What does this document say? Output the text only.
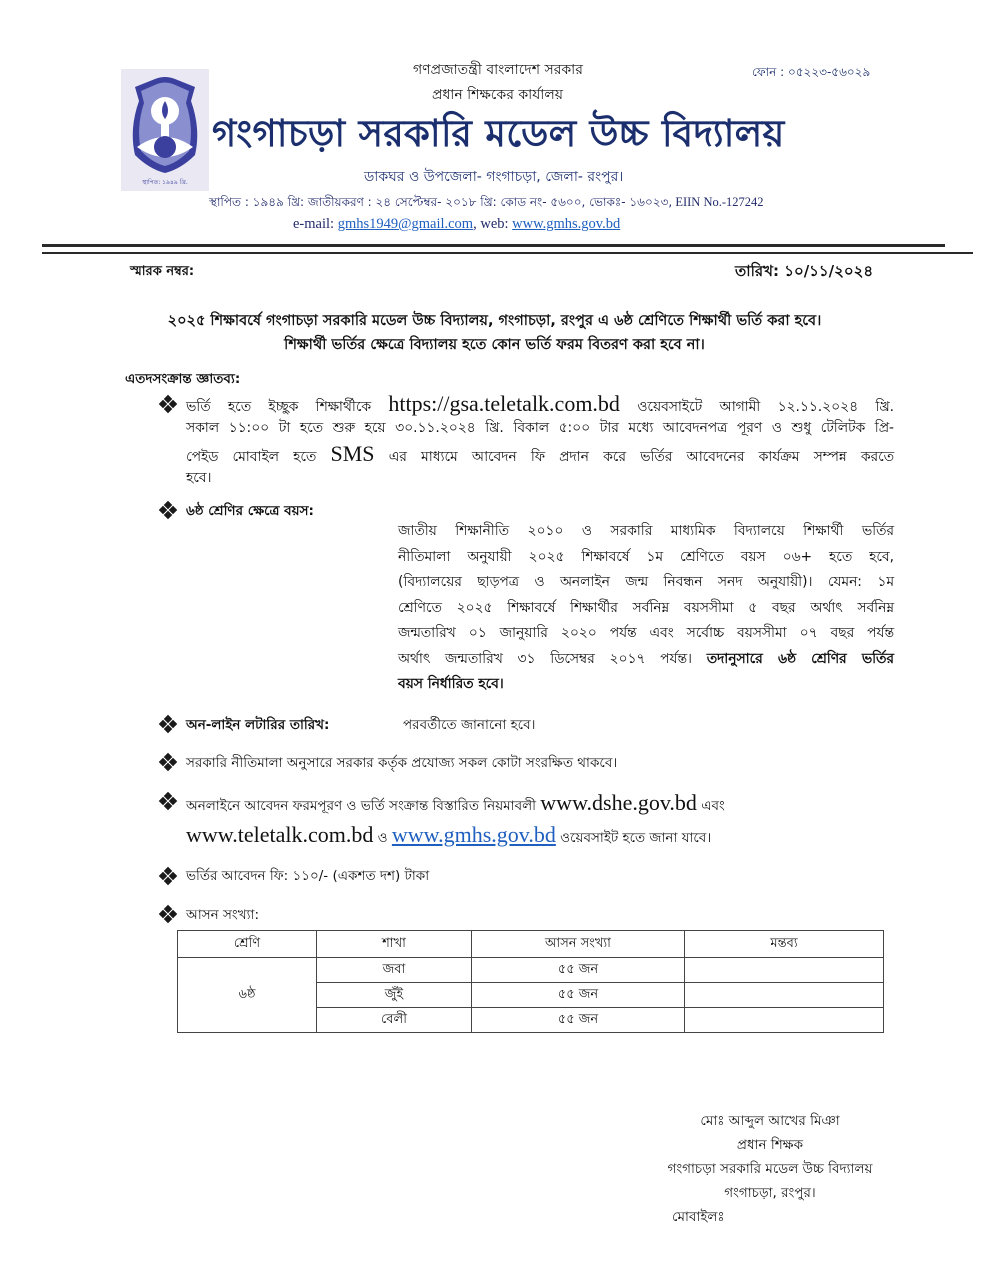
স্থাপিত: ১৯৪৯ খ্রি.
গণপ্রজাতন্ত্রী বাংলাদেশ সরকার
প্রধান শিক্ষকের কার্যালয়
ফোন : ০৫২২৩-৫৬০২৯
গংগাচড়া সরকারি মডেল উচ্চ বিদ্যালয়
ডাকঘর ও উপজেলা- গংগাচড়া, জেলা- রংপুর।
স্থাপিত : ১৯৪৯ খ্রি: জাতীয়করণ : ২৪ সেপ্টেম্বর- ২০১৮ খ্রি: কোড নং- ৫৬০০, ভোকঃ- ১৬০২৩, EIIN No.-127242
e-mail: gmhs1949@gmail.com, web: www.gmhs.gov.bd
স্মারক নম্বর:	তারিখ: ১০/১১/২০২৪
২০২৫ শিক্ষাবর্ষে গংগাচড়া সরকারি মডেল উচ্চ বিদ্যালয়, গংগাচড়া, রংপুর এ ৬ষ্ঠ শ্রেণিতে শিক্ষার্থী ভর্তি করা হবে।
শিক্ষার্থী ভর্তির ক্ষেত্রে বিদ্যালয় হতে কোন ভর্তি ফরম বিতরণ করা হবে না।
এতদসংক্রান্ত জ্ঞাতব্য:
ভর্তি হতে ইচ্ছুক শিক্ষার্থীকে https://gsa.teletalk.com.bd ওয়েবসাইটে আগামী ১২.১১.২০২৪ খ্রি.
সকাল ১১:০০ টা হতে শুরু হয়ে ৩০.১১.২০২৪ খ্রি. বিকাল ৫:০০ টার মধ্যে আবেদনপত্র পূরণ ও শুধু টেলিটক প্রি-
পেইড মোবাইল হতে SMS এর মাধ্যমে আবেদন ফি প্রদান করে ভর্তির আবেদনের কার্যক্রম সম্পন্ন করতে
হবে।
৬ষ্ঠ শ্রেণির ক্ষেত্রে বয়স:
জাতীয় শিক্ষানীতি ২০১০ ও সরকারি মাধ্যমিক বিদ্যালয়ে শিক্ষার্থী ভর্তির
নীতিমালা অনুযায়ী ২০২৫ শিক্ষাবর্ষে ১ম শ্রেণিতে বয়স ০৬+ হতে হবে,
(বিদ্যালয়ের ছাড়পত্র ও অনলাইন জন্ম নিবন্ধন সনদ অনুযায়ী)। যেমন: ১ম
শ্রেণিতে ২০২৫ শিক্ষাবর্ষে শিক্ষার্থীর সর্বনিম্ন বয়সসীমা ৫ বছর অর্থাৎ সর্বনিম্ন
জন্মতারিখ ০১ জানুয়ারি ২০২০ পর্যন্ত এবং সর্বোচ্চ বয়সসীমা ০৭ বছর পর্যন্ত
অর্থাৎ জন্মতারিখ ৩১ ডিসেম্বর ২০১৭ পর্যন্ত। তদানুসারে ৬ষ্ঠ শ্রেণির ভর্তির
বয়স নির্ধারিত হবে।
অন-লাইন লটারির তারিখ:	পরবর্তীতে জানানো হবে।
সরকারি নীতিমালা অনুসারে সরকার কর্তৃক প্রযোজ্য সকল কোটা সংরক্ষিত থাকবে।
অনলাইনে আবেদন ফরমপূরণ ও ভর্তি সংক্রান্ত বিস্তারিত নিয়মাবলী www.dshe.gov.bd এবং
www.teletalk.com.bd ও www.gmhs.gov.bd ওয়েবসাইট হতে জানা যাবে।
ভর্তির আবেদন ফি: ১১০/- (একশত দশ) টাকা
আসন সংখ্যা:
শ্রেণি	শাখা	আসন সংখ্যা	মন্তব্য
৬ষ্ঠ	জবা	৫৫ জন	
	জুঁই	৫৫ জন	
	বেলী	৫৫ জন	
মোঃ আব্দুল আখের মিঞা
প্রধান শিক্ষক
গংগাচড়া সরকারি মডেল উচ্চ বিদ্যালয়
গংগাচড়া, রংপুর।
মোবাইলঃ
